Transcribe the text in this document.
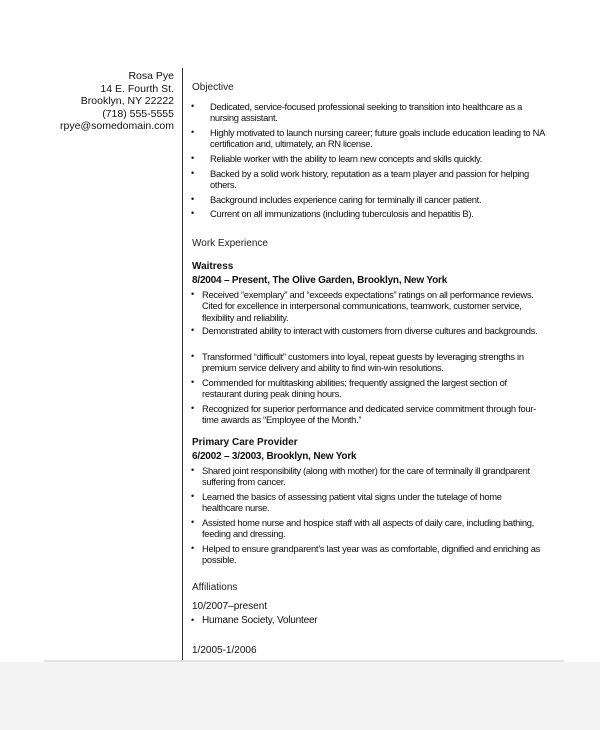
Rosa Pye
14 E. Fourth St.
Brooklyn, NY 22222
(718) 555-5555
rpye@somedomain.com
Objective
• Dedicated, service-focused professional seeking to transition into healthcare as a nursing assistant.
• Highly motivated to launch nursing career; future goals include education leading to NA certification and, ultimately, an RN license.
• Reliable worker with the ability to learn new concepts and skills quickly.
• Backed by a solid work history, reputation as a team player and passion for helping others.
• Background includes experience caring for terminally ill cancer patient.
• Current on all immunizations (including tuberculosis and hepatitis B).
Work Experience
Waitress
8/2004 – Present, The Olive Garden, Brooklyn, New York
• Received “exemplary” and “exceeds expectations” ratings on all performance reviews. Cited for excellence in interpersonal communications, teamwork, customer service, flexibility and reliability.
• Demonstrated ability to interact with customers from diverse cultures and backgrounds.
• Transformed “difficult” customers into loyal, repeat guests by leveraging strengths in premium service delivery and ability to find win-win resolutions.
• Commended for multitasking abilities; frequently assigned the largest section of restaurant during peak dining hours.
• Recognized for superior performance and dedicated service commitment through four-time awards as “Employee of the Month.”
Primary Care Provider
6/2002 – 3/2003, Brooklyn, New York
• Shared joint responsibility (along with mother) for the care of terminally ill grandparent suffering from cancer.
• Learned the basics of assessing patient vital signs under the tutelage of home healthcare nurse.
• Assisted home nurse and hospice staff with all aspects of daily care, including bathing, feeding and dressing.
• Helped to ensure grandparent’s last year was as comfortable, dignified and enriching as possible.
Affiliations
10/2007–present
• Humane Society, Volunteer
1/2005-1/2006
